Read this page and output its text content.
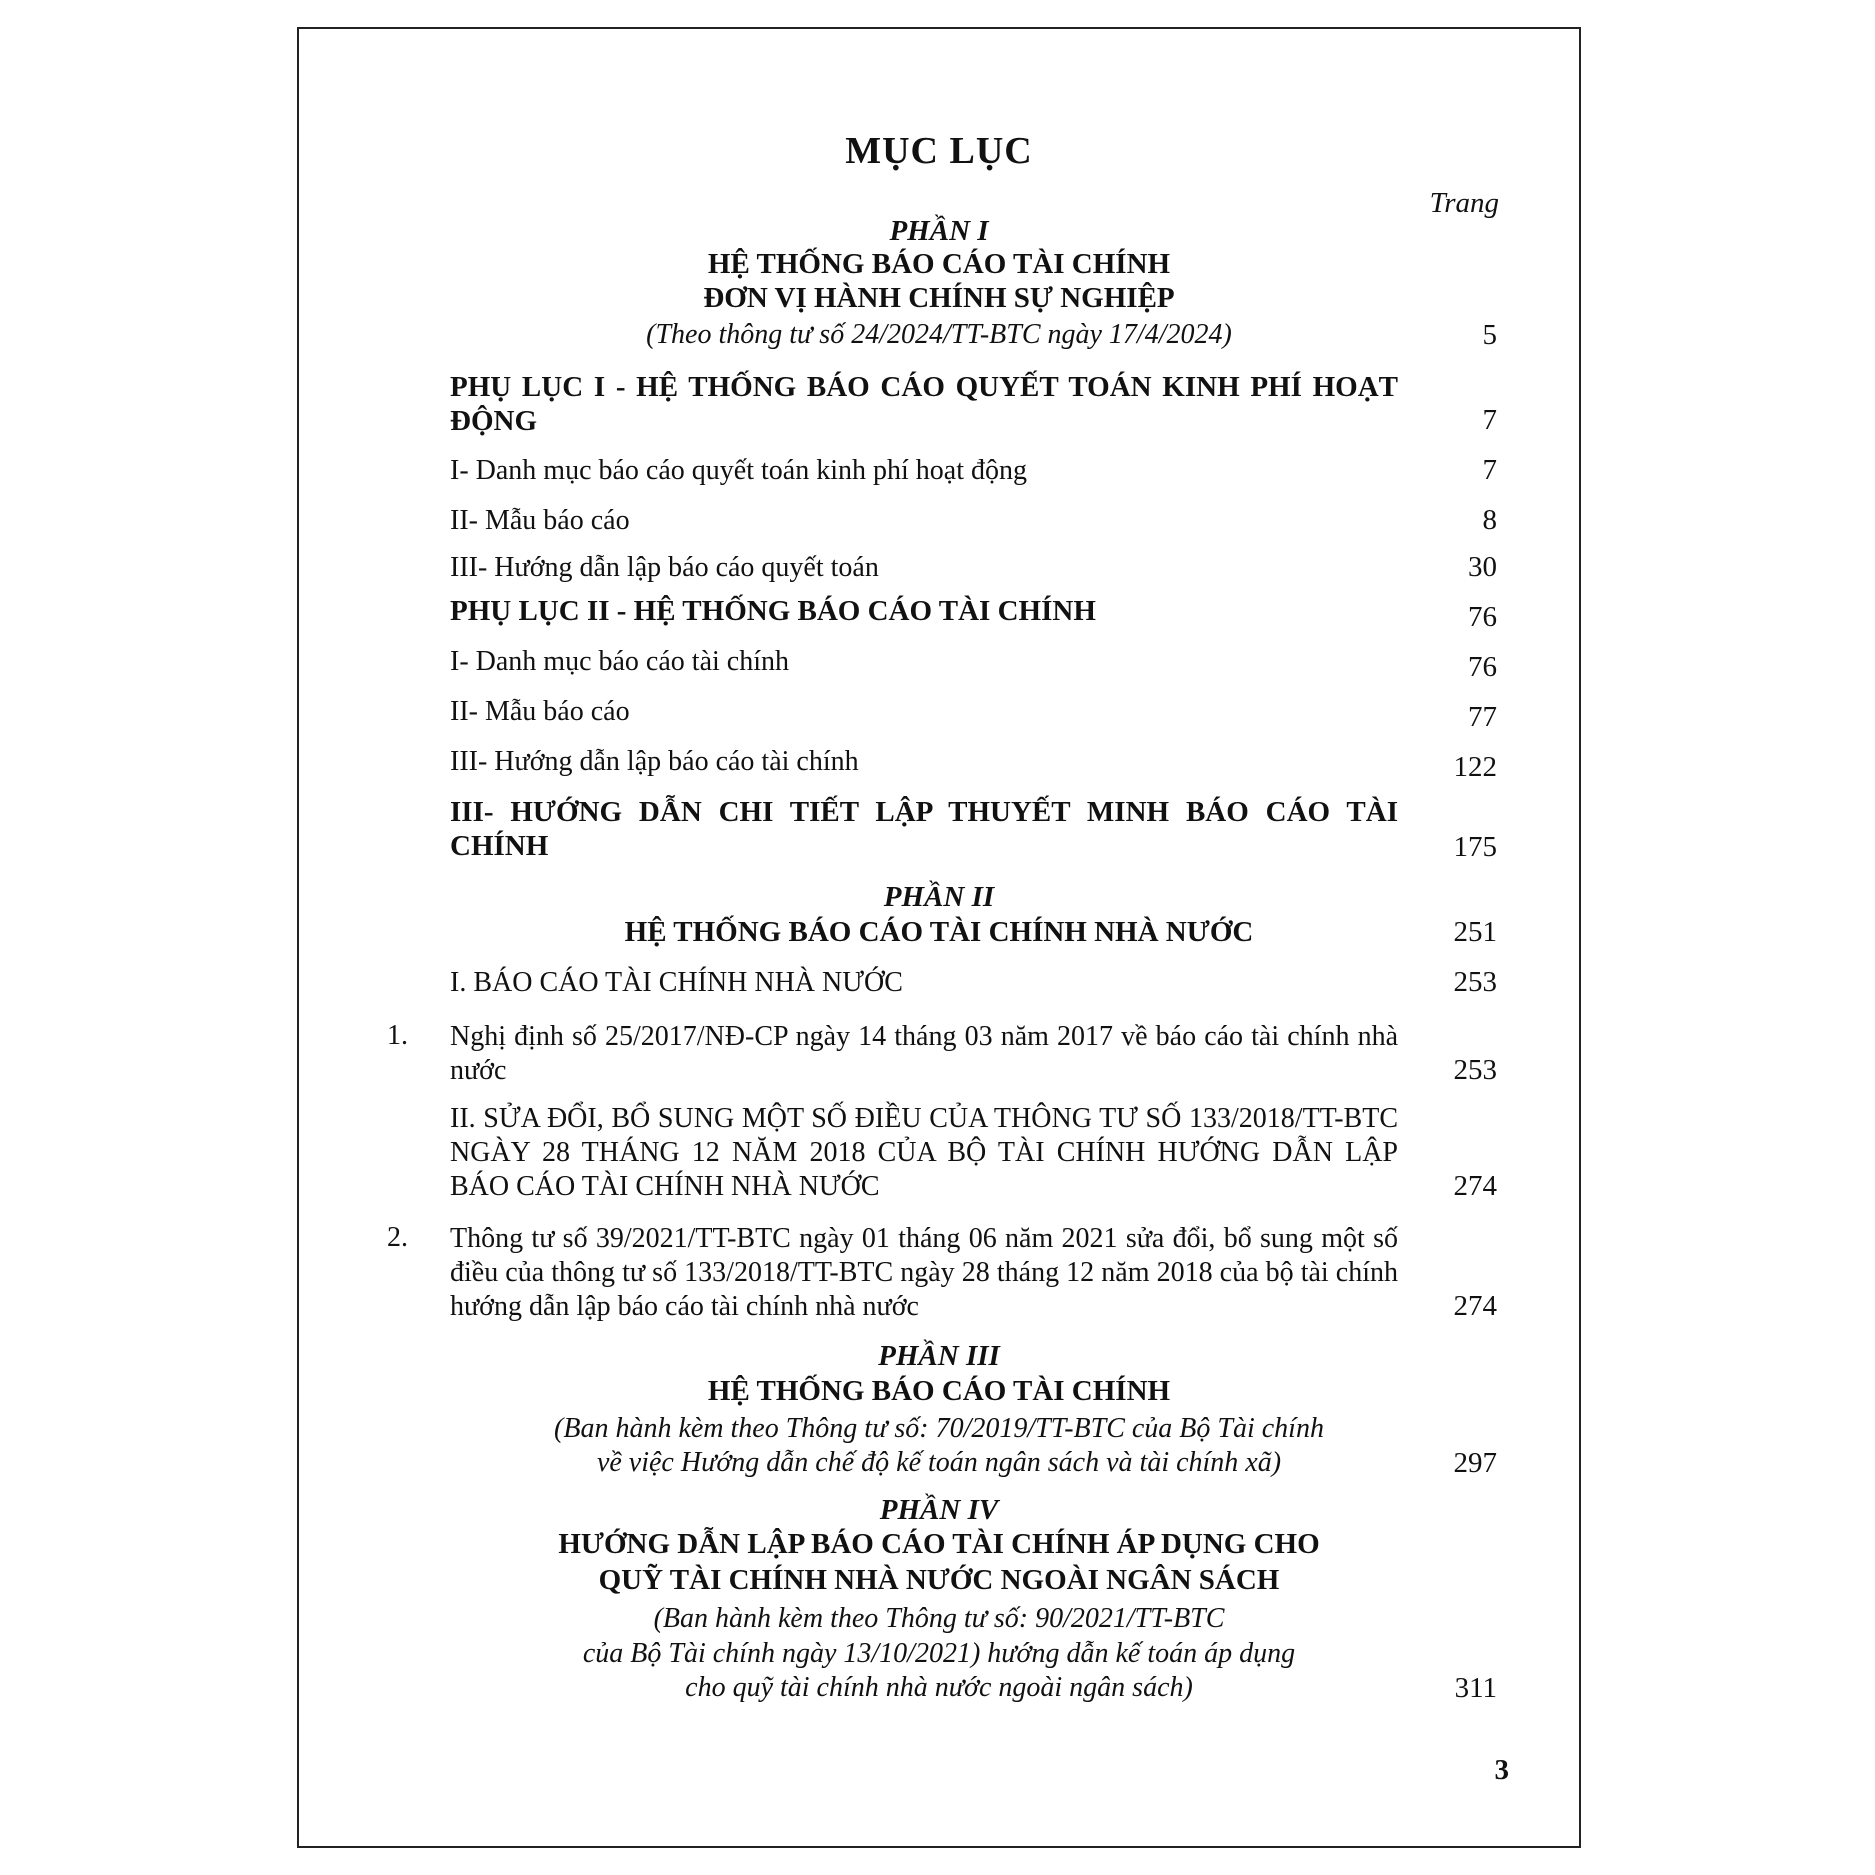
MỤC LỤC
Trang
PHẦN I
HỆ THỐNG BÁO CÁO TÀI CHÍNH
ĐƠN VỊ HÀNH CHÍNH SỰ NGHIỆP
(Theo thông tư số 24/2024/TT-BTC ngày 17/4/2024)	5
PHỤ LỤC I - HỆ THỐNG BÁO CÁO QUYẾT TOÁN KINH PHÍ HOẠT ĐỘNG	7
I- Danh mục báo cáo quyết toán kinh phí hoạt động	7
II- Mẫu báo cáo	8
III- Hướng dẫn lập báo cáo quyết toán	30
PHỤ LỤC II - HỆ THỐNG BÁO CÁO TÀI CHÍNH	76
I- Danh mục báo cáo tài chính	76
II- Mẫu báo cáo	77
III- Hướng dẫn lập báo cáo tài chính	122
III- HƯỚNG DẪN CHI TIẾT LẬP THUYẾT MINH BÁO CÁO TÀI CHÍNH	175
PHẦN II
HỆ THỐNG BÁO CÁO TÀI CHÍNH NHÀ NƯỚC	251
I. BÁO CÁO TÀI CHÍNH NHÀ NƯỚC	253
1. Nghị định số 25/2017/NĐ-CP ngày 14 tháng 03 năm 2017 về báo cáo tài chính nhà nước	253
II. SỬA ĐỔI, BỔ SUNG MỘT SỐ ĐIỀU CỦA THÔNG TƯ SỐ 133/2018/TT-BTC NGÀY 28 THÁNG 12 NĂM 2018 CỦA BỘ TÀI CHÍNH HƯỚNG DẪN LẬP BÁO CÁO TÀI CHÍNH NHÀ NƯỚC	274
2. Thông tư số 39/2021/TT-BTC ngày 01 tháng 06 năm 2021 sửa đổi, bổ sung một số điều của thông tư số 133/2018/TT-BTC ngày 28 tháng 12 năm 2018 của bộ tài chính hướng dẫn lập báo cáo tài chính nhà nước	274
PHẦN III
HỆ THỐNG BÁO CÁO TÀI CHÍNH
(Ban hành kèm theo Thông tư số: 70/2019/TT-BTC của Bộ Tài chính
về việc Hướng dẫn chế độ kế toán ngân sách và tài chính xã)	297
PHẦN IV
HƯỚNG DẪN LẬP BÁO CÁO TÀI CHÍNH ÁP DỤNG CHO
QUỸ TÀI CHÍNH NHÀ NƯỚC NGOÀI NGÂN SÁCH
(Ban hành kèm theo Thông tư số: 90/2021/TT-BTC
của Bộ Tài chính ngày 13/10/2021) hướng dẫn kế toán áp dụng
cho quỹ tài chính nhà nước ngoài ngân sách)	311
3
